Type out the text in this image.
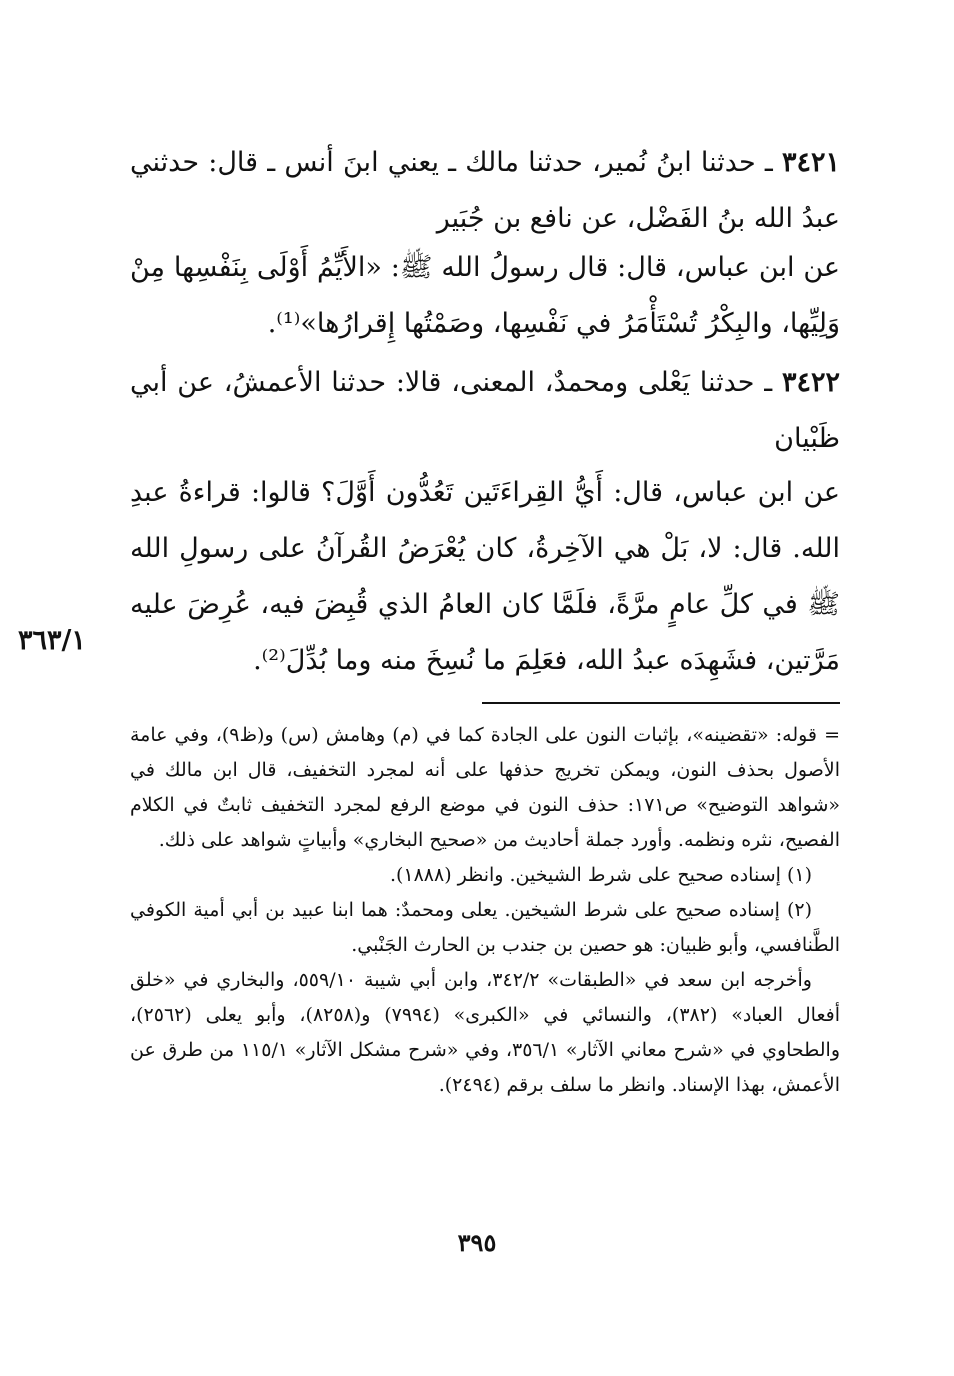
٣٤٢١ ـ حدثنا ابنُ نُمير، حدثنا مالك ـ يعني ابنَ أنس ـ قال: حدثني عبدُ الله بنُ الفَضْل، عن نافع بن جُبَير
عن ابن عباس، قال: قال رسولُ الله ﷺ: «الأَيِّمُ أَوْلَى بِنَفْسِها مِنْ وَلِيِّها، والبِكْرُ تُسْتَأْمَرُ في نَفْسِها، وصَمْتُها إِقرارُها»⁽¹⁾.
٣٤٢٢ ـ حدثنا يَعْلى ومحمدٌ، المعنى، قالا: حدثنا الأعمشُ، عن أبي ظَبْيان
عن ابن عباس، قال: أَيُّ القِراءَتَين تَعُدُّون أَوَّلَ؟ قالوا: قراءةُ عبدِ الله. قال: لا، بَلْ هي الآخِرةُ، كان يُعْرَضُ القُرآنُ على رسولِ الله ﷺ في كلِّ عامٍ مرَّةً، فلَمَّا كان العامُ الذي قُبِضَ فيه، عُرِضَ عليه مَرَّتين، فشَهِدَه عبدُ الله، فعَلِمَ ما نُسِخَ منه وما بُدِّلَ⁽²⁾.
٣٦٣/١

= قوله: «تقضينه»، بإثبات النون على الجادة كما في (م) وهامش (س) و(ظ٩)، وفي عامة الأصول بحذف النون، ويمكن تخريج حذفها على أنه لمجرد التخفيف، قال ابن مالك في «شواهد التوضيح» ص١٧١: حذف النون في موضع الرفع لمجرد التخفيف ثابتٌ في الكلام الفصيح، نثره ونظمه. وأورد جملة أحاديث من «صحيح البخاري» وأبياتٍ شواهد على ذلك.

(١) إسناده صحيح على شرط الشيخين. وانظر (١٨٨٨).

(٢) إسناده صحيح على شرط الشيخين. يعلى ومحمدٌ: هما ابنا عبيد بن أبي أمية الكوفي الطَّنافسي، وأبو ظبيان: هو حصين بن جندب بن الحارث الجَنْبي.

وأخرجه ابن سعد في «الطبقات» ٣٤٢/٢، وابن أبي شيبة ٥٥٩/١٠، والبخاري في «خلق أفعال العباد» (٣٨٢)، والنسائي في «الكبرى» (٧٩٩٤) و(٨٢٥٨)، وأبو يعلى (٢٥٦٢)، والطحاوي في «شرح معاني الآثار» ٣٥٦/١، وفي «شرح مشكل الآثار» ١١٥/١ من طرق عن الأعمش، بهذا الإسناد. وانظر ما سلف برقم (٢٤٩٤).

٣٩٥
